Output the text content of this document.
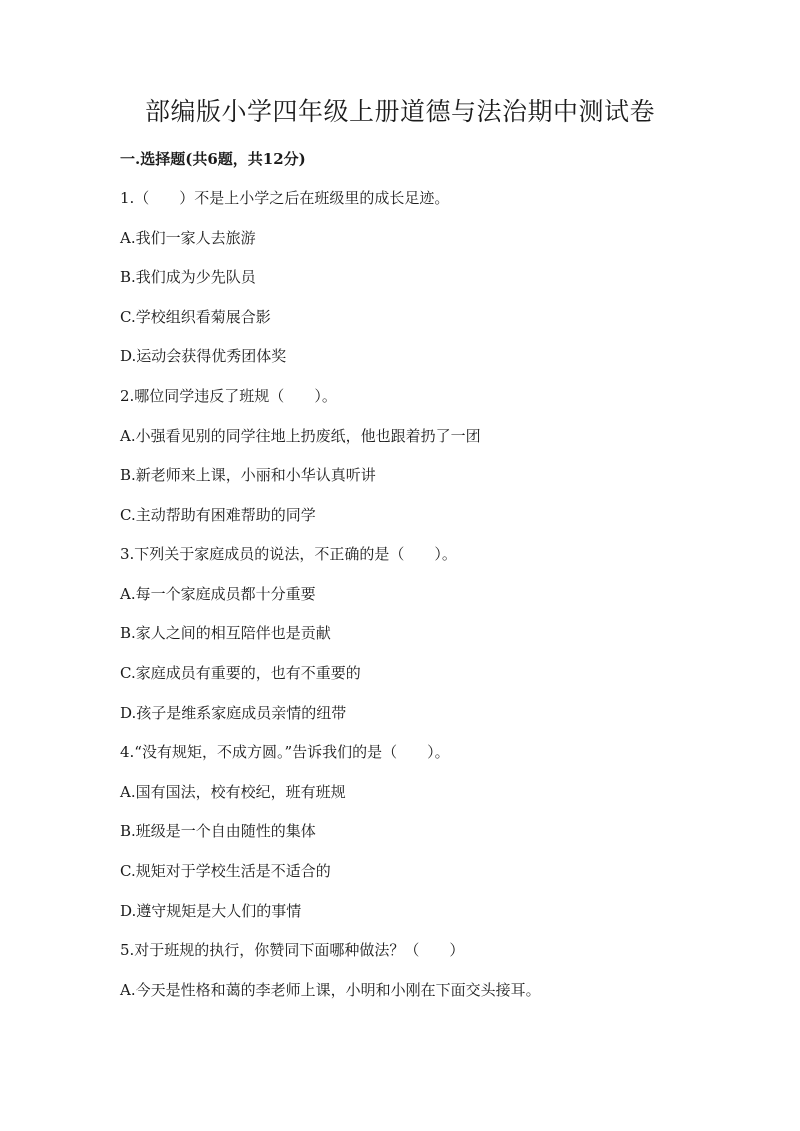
部编版小学四年级上册道德与法治期中测试卷
一.选择题(共6题，共12分)
1.（　　）不是上小学之后在班级里的成长足迹。
A.我们一家人去旅游
B.我们成为少先队员
C.学校组织看菊展合影
D.运动会获得优秀团体奖
2.哪位同学违反了班规（　　）。
A.小强看见别的同学往地上扔废纸，他也跟着扔了一团
B.新老师来上课，小丽和小华认真听讲
C.主动帮助有困难帮助的同学
3.下列关于家庭成员的说法，不正确的是（　　）。
A.每一个家庭成员都十分重要
B.家人之间的相互陪伴也是贡献
C.家庭成员有重要的，也有不重要的
D.孩子是维系家庭成员亲情的纽带
4.“没有规矩，不成方圆。”告诉我们的是（　　）。
A.国有国法，校有校纪，班有班规
B.班级是一个自由随性的集体
C.规矩对于学校生活是不适合的
D.遵守规矩是大人们的事情
5.对于班规的执行，你赞同下面哪种做法？（　　）
A.今天是性格和蔼的李老师上课，小明和小刚在下面交头接耳。
